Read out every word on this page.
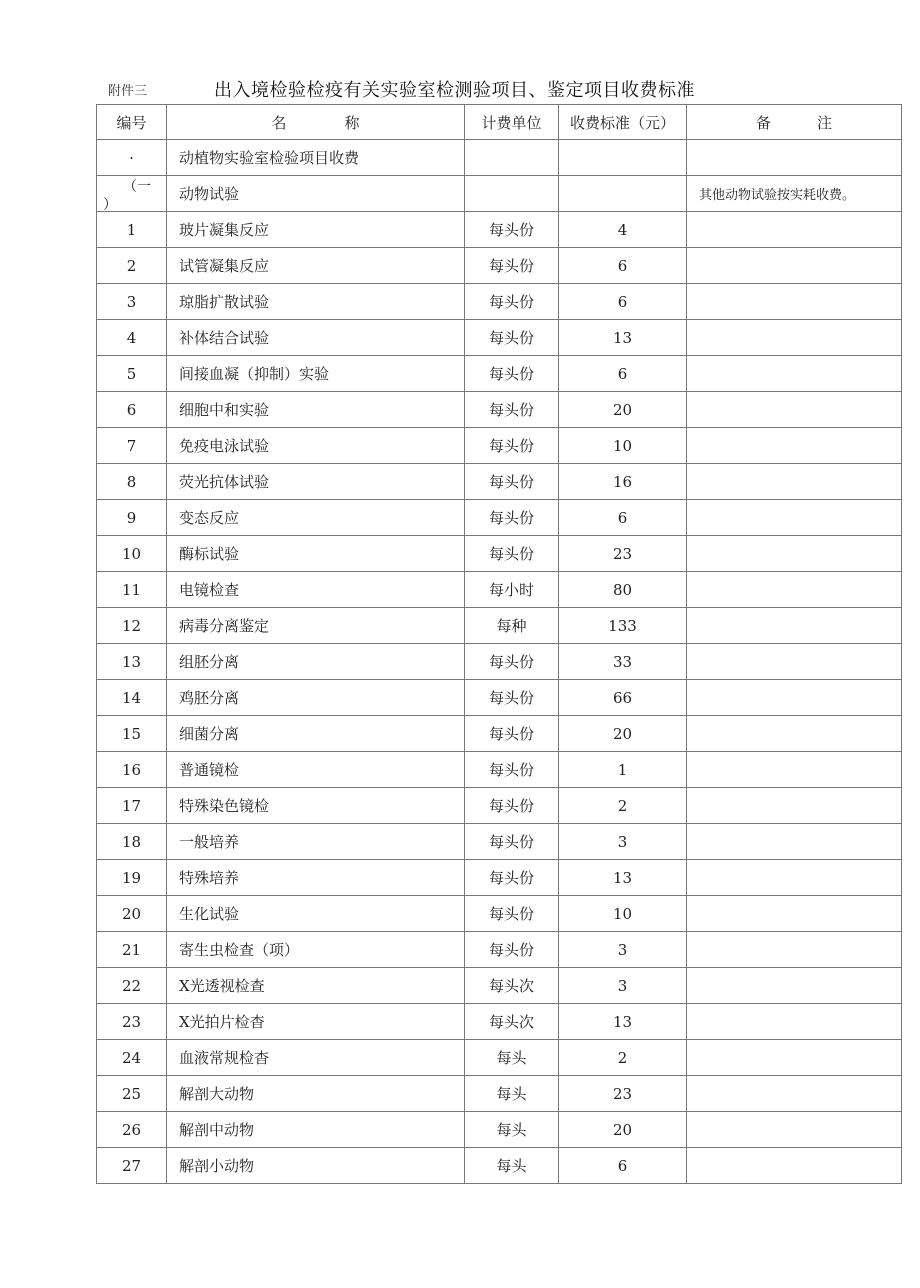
附件三	出入境检验检疫有关实验室检测验项目、鉴定项目收费标准
编号	名 称	计费单位	收费标准（元）	备 注
·	动植物实验室检验项目收费			

（一
）	动物试验			其他动物试验按实耗收费。
1	玻片凝集反应	每头份	4	
2	试管凝集反应	每头份	6	
3	琼脂扩散试验	每头份	6	
4	补体结合试验	每头份	13	
5	间接血凝（抑制）实验	每头份	6	
6	细胞中和实验	每头份	20	
7	免疫电泳试验	每头份	10	
8	荧光抗体试验	每头份	16	
9	变态反应	每头份	6	
10	酶标试验	每头份	23	
11	电镜检查	每小时	80	
12	病毒分离鉴定	每种	133	
13	组胚分离	每头份	33	
14	鸡胚分离	每头份	66	
15	细菌分离	每头份	20	
16	普通镜检	每头份	1	
17	特殊染色镜检	每头份	2	
18	一般培养	每头份	3	
19	特殊培养	每头份	13	
20	生化试验	每头份	10	
21	寄生虫检查（项）	每头份	3	
22	X光透视检查	每头次	3	
23	X光拍片检杳	每头次	13	
24	血液常规检杳	每头	2	
25	解剖大动物	每头	23	
26	解剖中动物	每头	20	
27	解剖小动物	每头	6	
